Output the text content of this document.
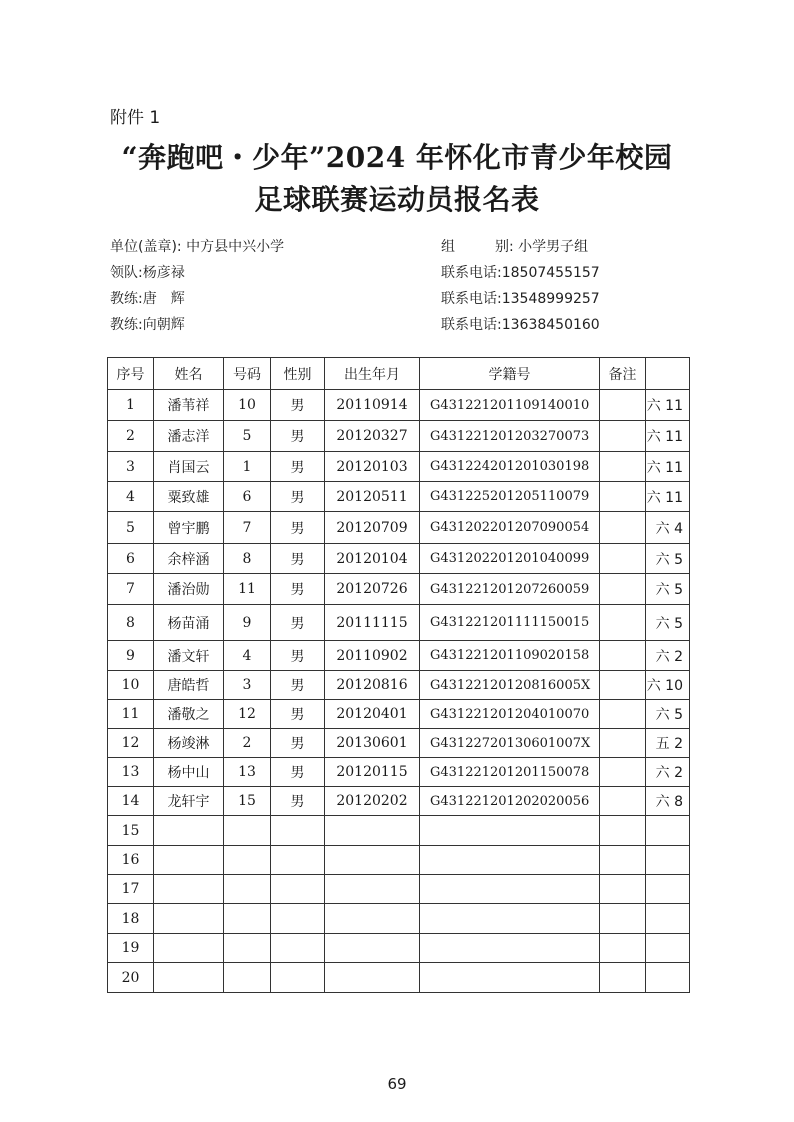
附件 1
“奔跑吧・少年”2024 年怀化市青少年校园
足球联赛运动员报名表
单位(盖章): 中方县中兴小学
领队:杨彦禄
教练:唐　辉
教练:向朝辉
组	别: 小学男子组
联系电话:18507455157
联系电话:13548999257
联系电话:13638450160
序号	姓名	号码	性别	出生年月	学籍号	备注	
1	潘苇祥	10	男	20110914	G431221201109140010		六 11
2	潘志洋	5	男	20120327	G431221201203270073		六 11
3	肖国云	1	男	20120103	G431224201201030198		六 11
4	粟致雄	6	男	20120511	G431225201205110079		六 11
5	曾宇鹏	7	男	20120709	G431202201207090054		六 4
6	余梓涵	8	男	20120104	G431202201201040099		六 5
7	潘治勋	11	男	20120726	G431221201207260059		六 5
8	杨苗涌	9	男	20111115	G431221201111150015		六 5
9	潘文轩	4	男	20110902	G431221201109020158		六 2
10	唐皓哲	3	男	20120816	G43122120120816005X		六 10
11	潘敬之	12	男	20120401	G431221201204010070		六 5
12	杨竣淋	2	男	20130601	G43122720130601007X		五 2
13	杨中山	13	男	20120115	G431221201201150078		六 2
14	龙轩宇	15	男	20120202	G431221201202020056		六 8
15							
16							
17							
18							
19							
20							
69
